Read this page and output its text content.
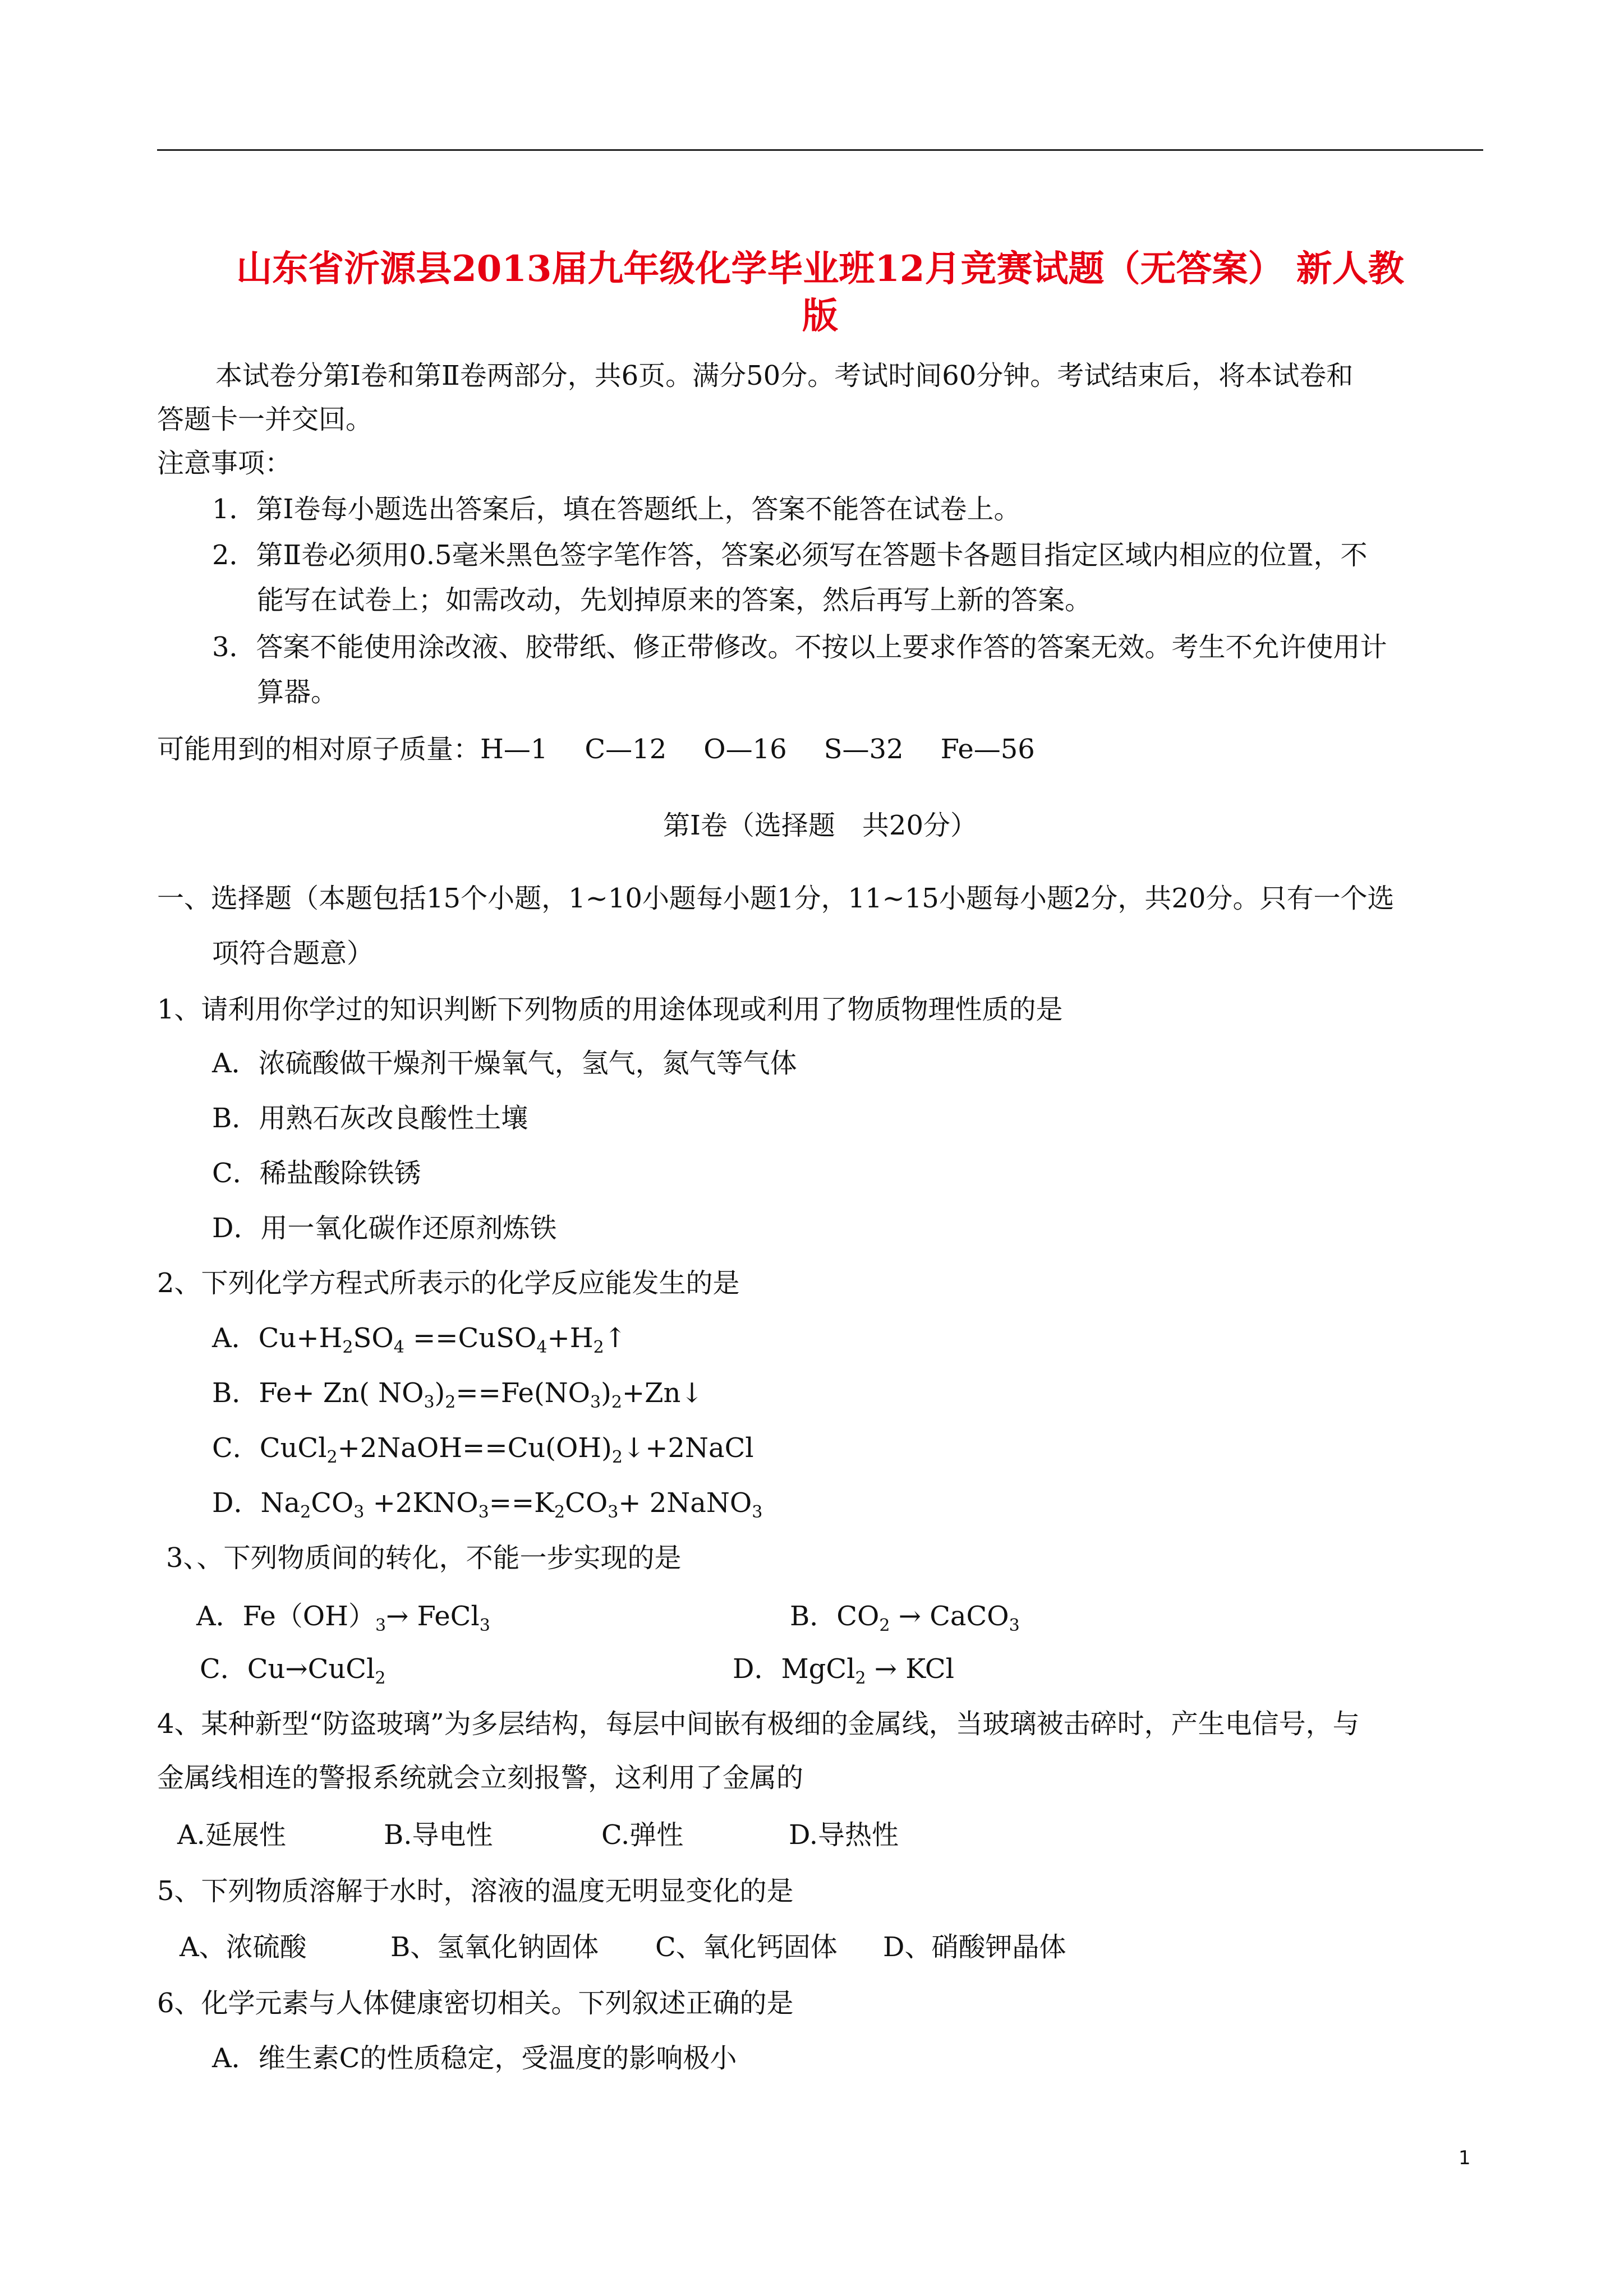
山东省沂源县2013届九年级化学毕业班12月竞赛试题（无答案） 新人教
版
本试卷分第Ⅰ卷和第Ⅱ卷两部分，共6页。满分50分。考试时间60分钟。考试结束后，将本试卷和
答题卡一并交回。
注意事项：
1．第Ⅰ卷每小题选出答案后，填在答题纸上，答案不能答在试卷上。
2．第Ⅱ卷必须用0.5毫米黑色签字笔作答，答案必须写在答题卡各题目指定区域内相应的位置，不
能写在试卷上；如需改动，先划掉原来的答案，然后再写上新的答案。
3．答案不能使用涂改液、胶带纸、修正带修改。不按以上要求作答的答案无效。考生不允许使用计
算器。
可能用到的相对原子质量：H—1 C—12 O—16 S—32 Fe—56
第Ⅰ卷（选择题　共20分）
一、选择题（本题包括15个小题，1~10小题每小题1分，11~15小题每小题2分，共20分。只有一个选
项符合题意）
1、请利用你学过的知识判断下列物质的用途体现或利用了物质物理性质的是
A．浓硫酸做干燥剂干燥氧气，氢气，氮气等气体
B．用熟石灰改良酸性土壤
C．稀盐酸除铁锈
D．用一氧化碳作还原剂炼铁
2、下列化学方程式所表示的化学反应能发生的是
A．$Cu+H_2SO_4$ $==CuSO_4+H_2↑$
B．Fe+ Zn( $NO_3)_2==Fe(NO_3)_2+Zn↓$
C．$CuCl_2+2NaOH==Cu(OH)_2↓+2NaCl$
D．$Na_2CO_3 +2KNO_3==K_2CO_3+$ 2NaNO$_3$
3、、下列物质间的转化，不能一步实现的是
A．$Fe(OH)_3\to$ FeCl$_3$	B．$CO_2$ → CaCO$_3$
C．Cu→CuCl$_2$	D．MgCl$_2$ → KCl
4、某种新型“防盗玻璃”为多层结构，每层中间嵌有极细的金属线，当玻璃被击碎时，产生电信号，与
金属线相连的警报系统就会立刻报警，这利用了金属的
A.延展性	B.导电性	C.弹性	D.导热性
5、下列物质溶解于水时，溶液的温度无明显变化的是
A、浓硫酸	B、氢氧化钠固体 C、氧化钙固体 D、硝酸钾晶体
6、化学元素与人体健康密切相关。下列叙述正确的是
A．维生素C的性质稳定，受温度的影响极小
1
